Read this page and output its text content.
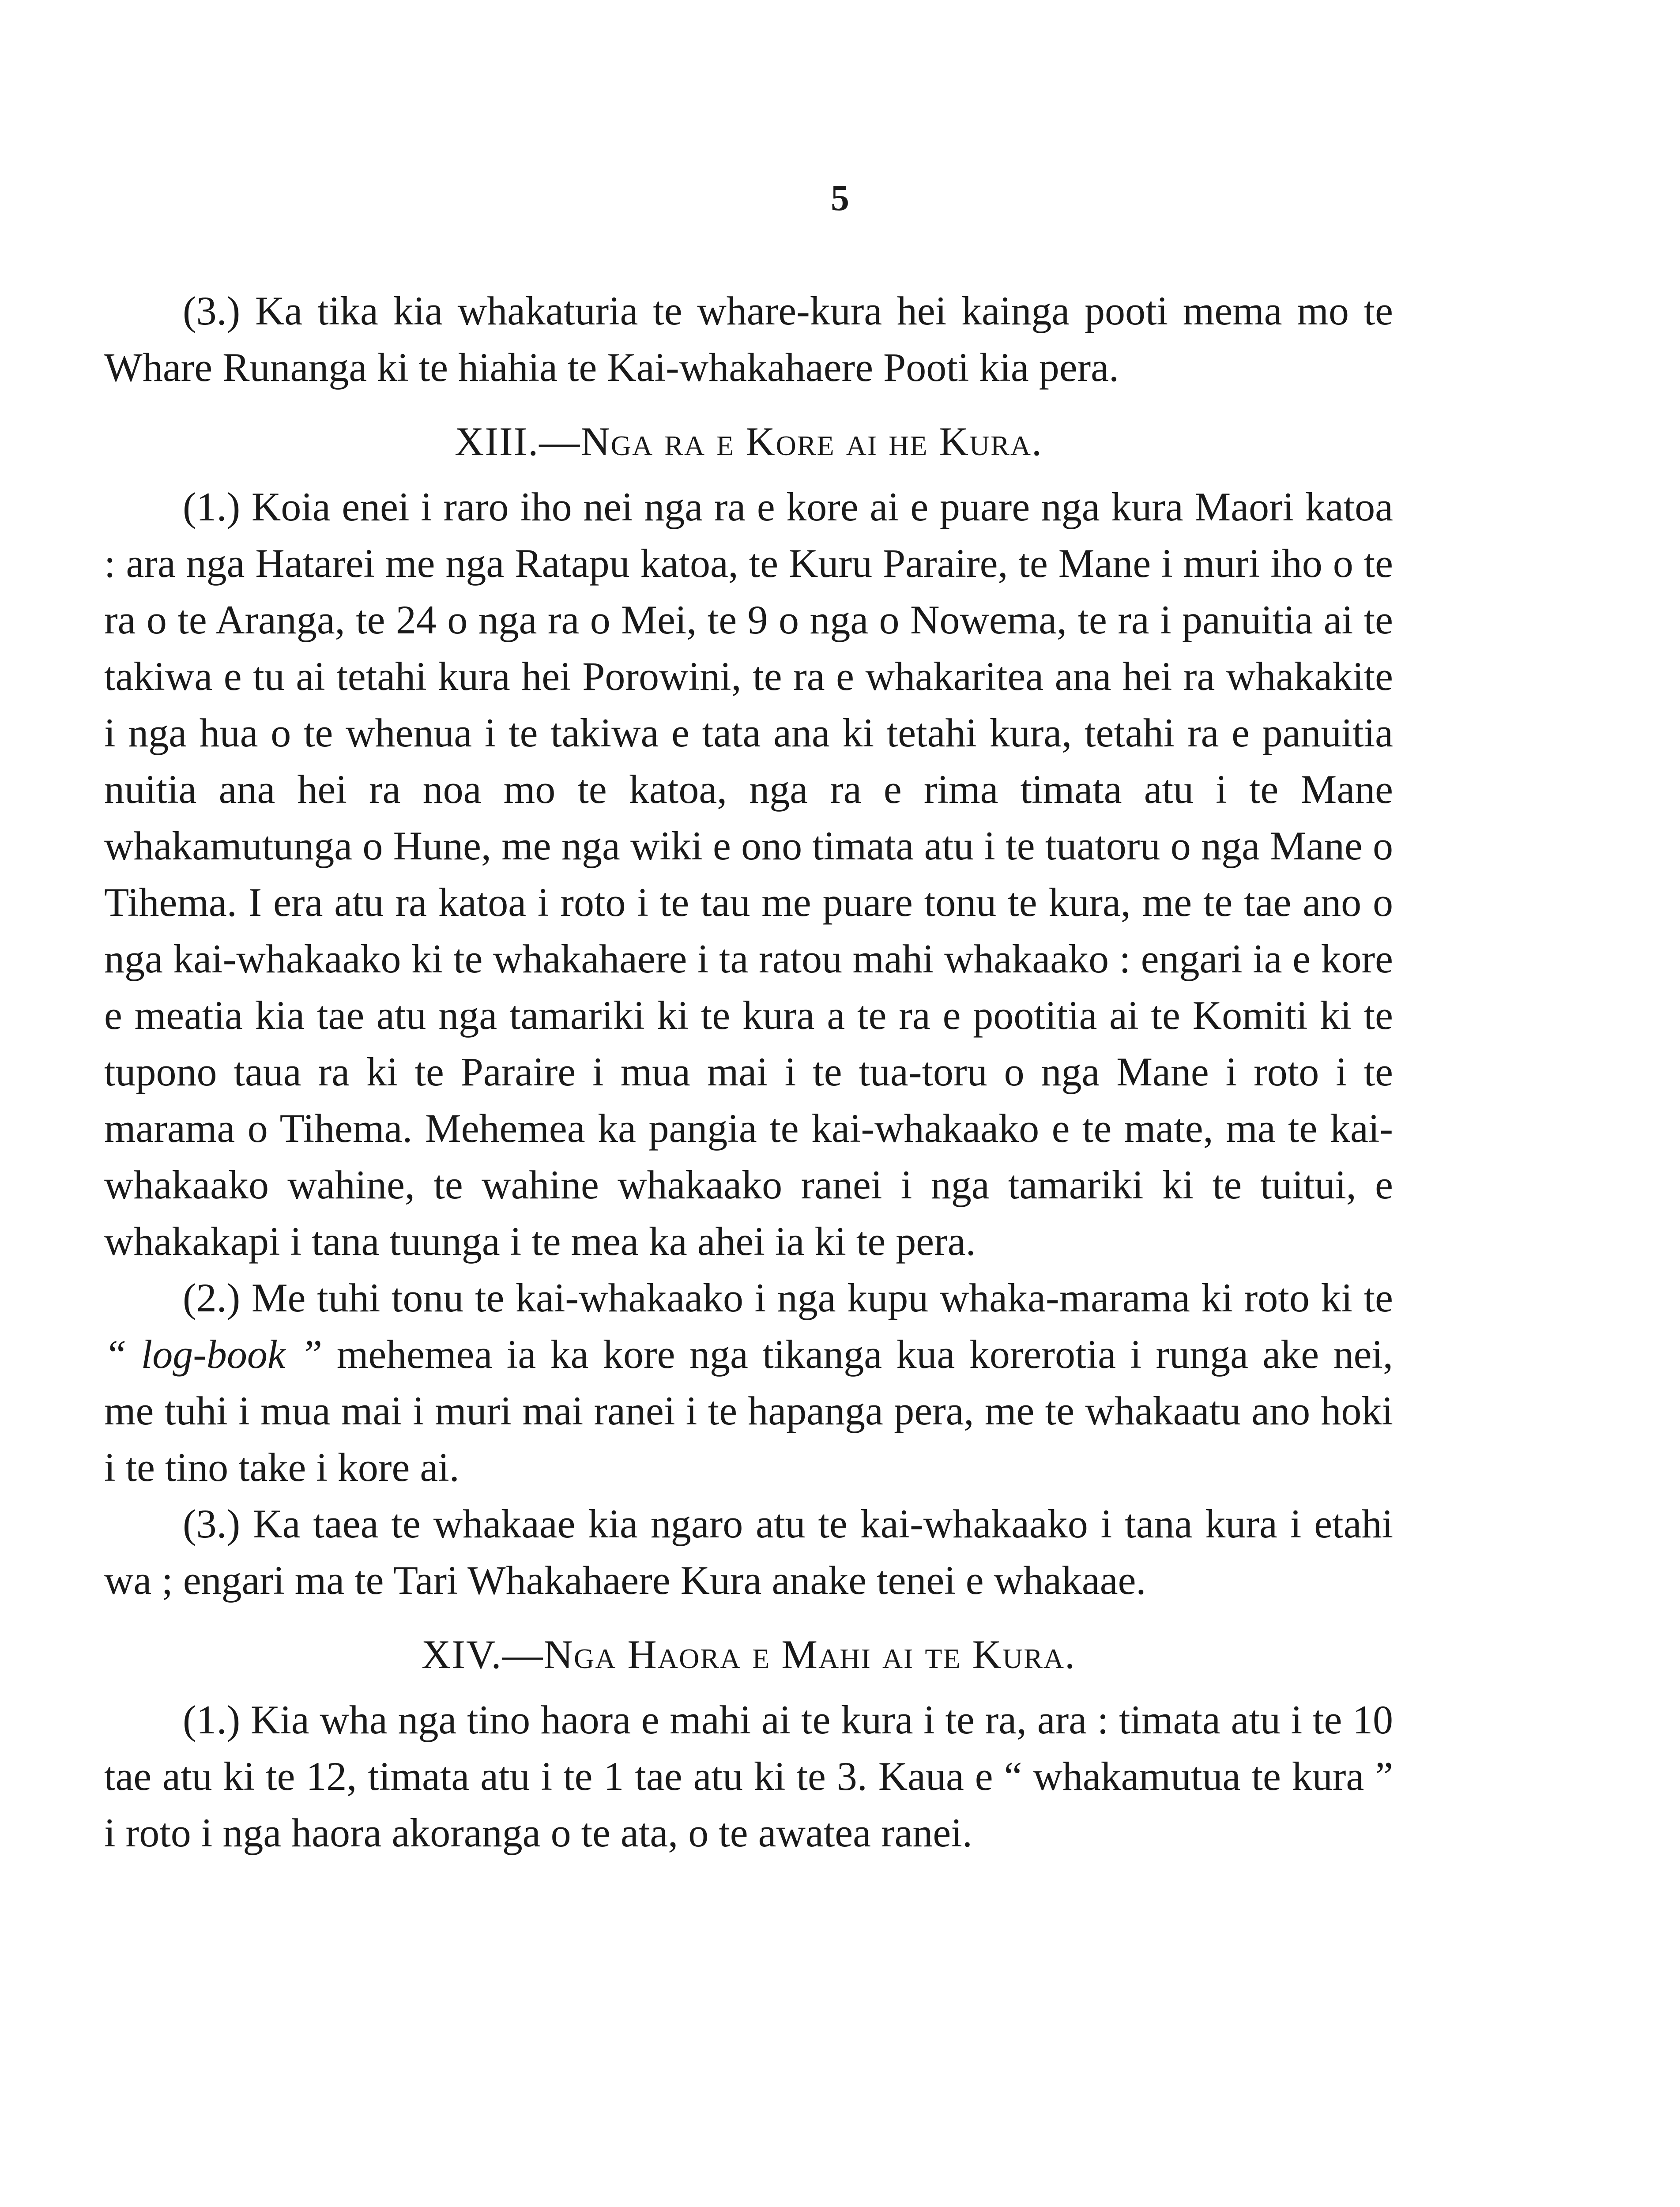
5

(3.) Ka tika kia whakaturia te whare-kura hei kainga pooti mema mo te Whare Runanga ki te hiahia te Kai-whakahaere Pooti kia pera.

XIII.—Nga ra e Kore ai he Kura.

(1.) Koia enei i raro iho nei nga ra e kore ai e puare nga kura Maori katoa : ara nga Hatarei me nga Ratapu katoa, te Kuru Paraire, te Mane i muri iho o te ra o te Aranga, te 24 o nga ra o Mei, te 9 o nga o Nowema, te ra i panuitia ai te takiwa e tu ai tetahi kura hei Porowini, te ra e whakaritea ana hei ra whakakite i nga hua o te whenua i te takiwa e tata ana ki tetahi kura, tetahi ra e panuitia nuitia ana hei ra noa mo te katoa, nga ra e rima timata atu i te Mane whakamutunga o Hune, me nga wiki e ono timata atu i te tuatoru o nga Mane o Tihema. I era atu ra katoa i roto i te tau me puare tonu te kura, me te tae ano o nga kai-whakaako ki te whakahaere i ta ratou mahi whakaako : engari ia e kore e meatia kia tae atu nga tamariki ki te kura a te ra e pootitia ai te Komiti ki te tupono taua ra ki te Paraire i mua mai i te tua-toru o nga Mane i roto i te marama o Tihema. Mehemea ka pangia te kai-whakaako e te mate, ma te kai-whakaako wahine, te wahine whakaako ranei i nga tamariki ki te tuitui, e whakakapi i tana tuunga i te mea ka ahei ia ki te pera.

(2.) Me tuhi tonu te kai-whakaako i nga kupu whaka-marama ki roto ki te “ log-book ” mehemea ia ka kore nga tikanga kua korerotia i runga ake nei, me tuhi i mua mai i muri mai ranei i te hapanga pera, me te whakaatu ano hoki i te tino take i kore ai.

(3.) Ka taea te whakaae kia ngaro atu te kai-whakaako i tana kura i etahi wa ; engari ma te Tari Whakahaere Kura anake tenei e whakaae.

XIV.—Nga Haora e Mahi ai te Kura.

(1.) Kia wha nga tino haora e mahi ai te kura i te ra, ara : timata atu i te 10 tae atu ki te 12, timata atu i te 1 tae atu ki te 3. Kaua e “ whakamutua te kura ” i roto i nga haora akoranga o te ata, o te awatea ranei.
